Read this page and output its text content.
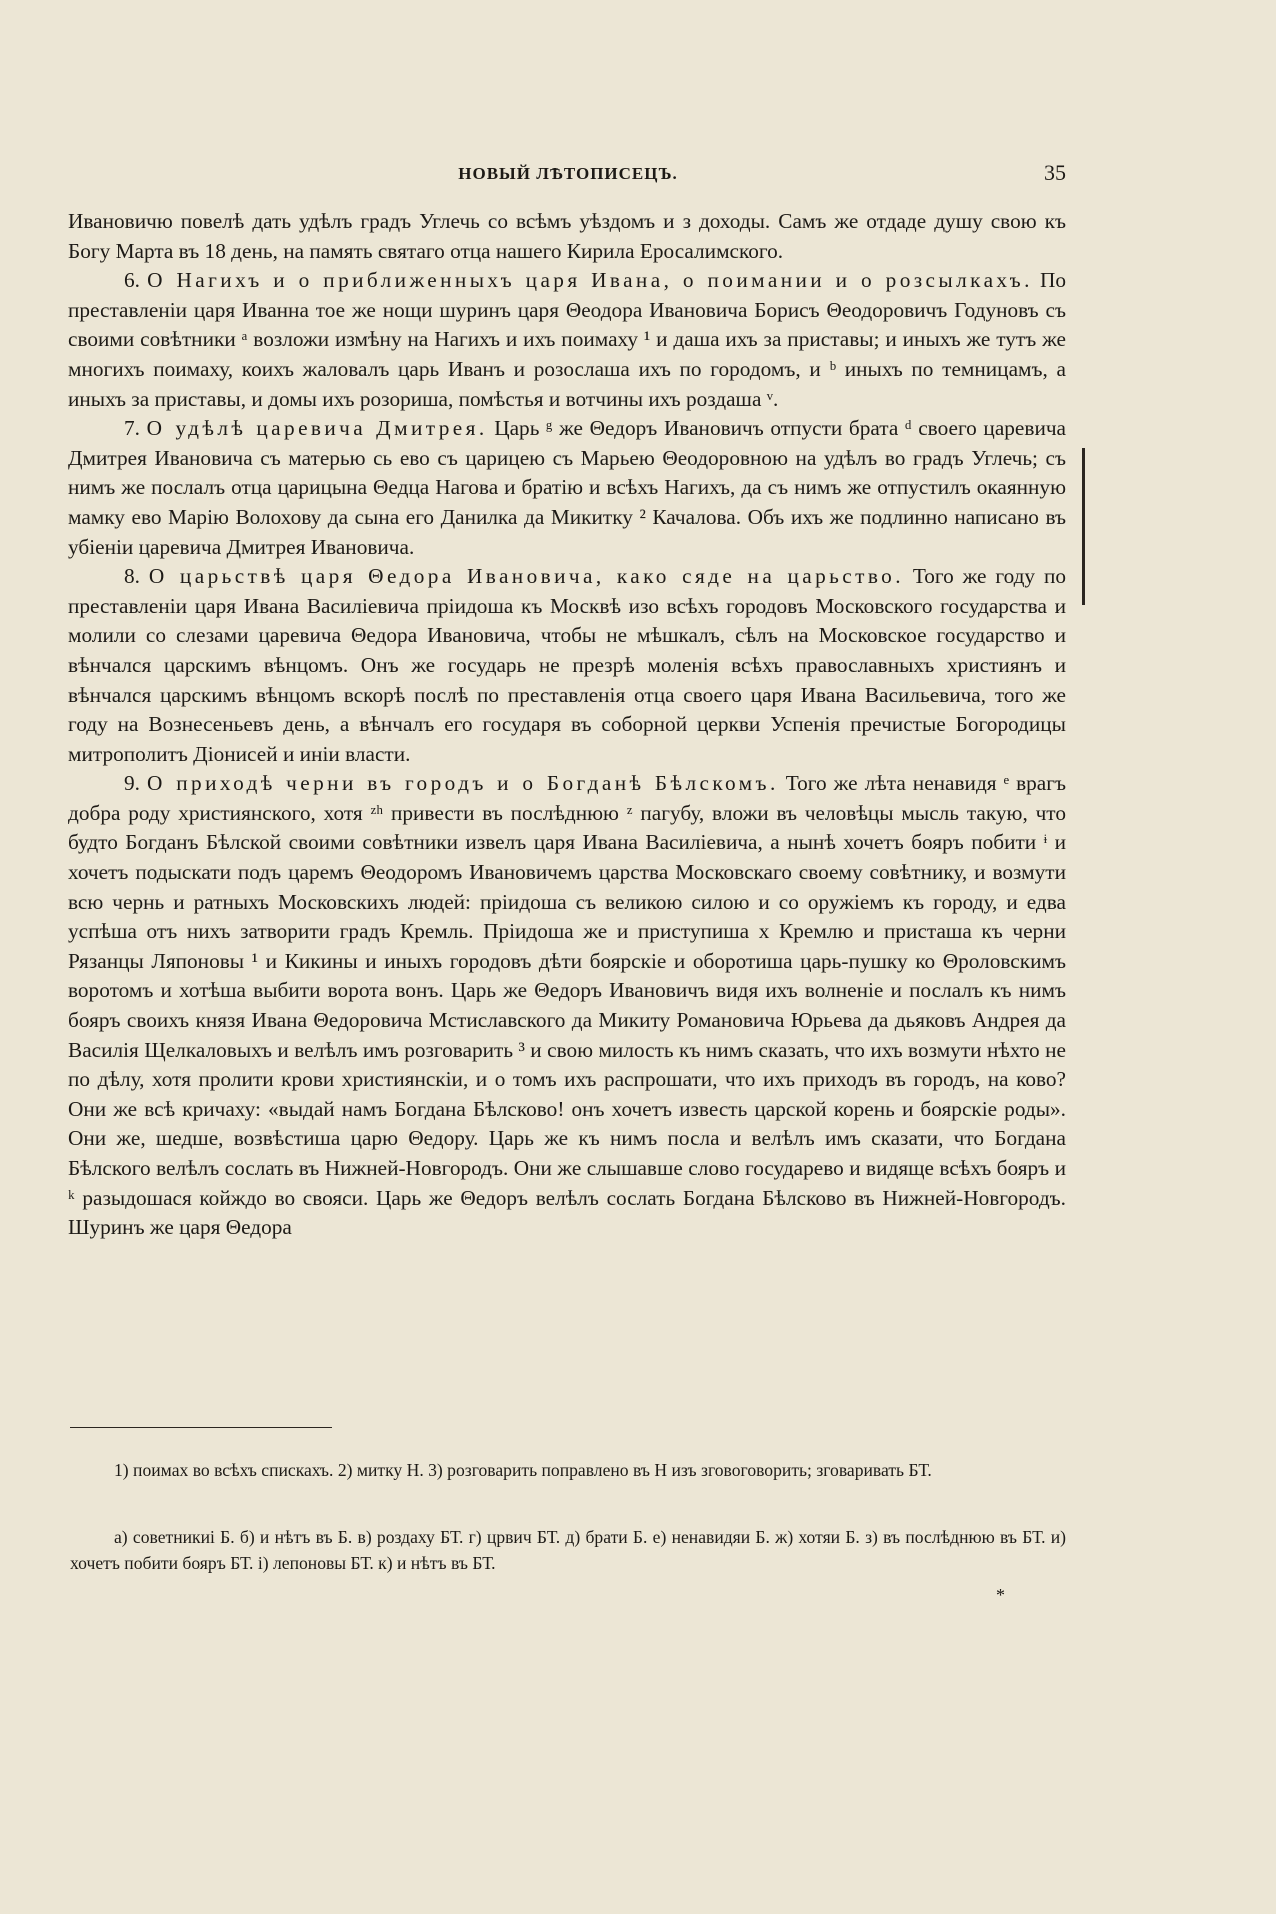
НОВЫЙ ЛѢТОПИСЕЦЪ.	35

Ивановичю повелѣ дать удѣлъ градъ Углечь со всѣмъ уѣздомъ и з доходы. Самъ же отдаде душу свою къ Богу Марта въ 18 день, на память святаго отца нашего Кирила Еросалимского.

6. О Нагихъ и о приближенныхъ царя Ивана, о поимании и о розсылкахъ. По преставленіи царя Иванна тое же нощи шуринъ царя Θеодора Ивановича Борисъ Θеодоровичъ Годуновъ съ своими совѣтники ᵃ возложи измѣну на Нагихъ и ихъ поимаху ¹ и даша ихъ за приставы; и иныхъ же тутъ же многихъ поимаху, коихъ жаловалъ царь Иванъ и розослаша ихъ по городомъ, и ᵇ иныхъ по темницамъ, а иныхъ за приставы, и домы ихъ розориша, помѣстья и вотчины ихъ роздаша ᵛ.

7. О удѣлѣ царевича Дмитрея. Царь ᵍ же Θедоръ Ивановичъ отпусти брата ᵈ своего царевича Дмитрея Ивановича съ матерью сь ево съ царицею съ Марьею Θеодоровною на удѣлъ во градъ Углечь; съ нимъ же послалъ отца царицына Θедца Нагова и братію и всѣхъ Нагихъ, да съ нимъ же отпустилъ окаянную мамку ево Марію Волохову да сына его Данилка да Микитку ² Качалова. Объ ихъ же подлинно написано въ убіеніи царевича Дмитрея Ивановича.

8. О царьствѣ царя Θедора Ивановича, како сяде на царьство. Того же году по преставленіи царя Ивана Василіевича пріидоша къ Москвѣ изо всѣхъ городовъ Московского государства и молили со слезами царевича Θедора Ивановича, чтобы не мѣшкалъ, сѣлъ на Московское государство и вѣнчался царскимъ вѣнцомъ. Онъ же государь не презрѣ моленія всѣхъ православныхъ християнъ и вѣнчался царскимъ вѣнцомъ вскорѣ послѣ по преставленія отца своего царя Ивана Васильевича, того же году на Вознесеньевъ день, а вѣнчалъ его государя въ соборной церкви Успенія пречистые Богородицы митрополитъ Діонисей и иніи власти.

9. О приходѣ черни въ городъ и о Богданѣ Бѣлскомъ. Того же лѣта ненавидя ᵉ врагъ добра роду християнского, хотя ᶻʰ привести въ послѣднюю ᶻ пагубу, вложи въ человѣцы мысль такую, что будто Богданъ Бѣлской своими совѣтники извелъ царя Ивана Василіевича, а нынѣ хочетъ бояръ побити ᶤ и хочетъ подыскати подъ царемъ Θеодоромъ Ивановичемъ царства Московскаго своему совѣтнику, и возмути всю чернь и ратныхъ Московскихъ людей: пріидоша съ великою силою и со оружіемъ къ городу, и едва успѣша отъ нихъ затворити градъ Кремль. Пріидоша же и приступиша х Кремлю и присташа къ черни Рязанцы Ляпоновы ¹ и Кикины и иныхъ городовъ дѣти боярскіе и оборотиша царь-пушку ко Θроловскимъ воротомъ и хотѣша выбити ворота вонъ. Царь же Θедоръ Ивановичъ видя ихъ волненіе и послалъ къ нимъ бояръ своихъ князя Ивана Θедоровича Мстиславского да Микиту Романовича Юрьева да дьяковъ Андрея да Василія Щелкаловыхъ и велѣлъ имъ розговарить ³ и свою милость къ нимъ сказать, что ихъ возмути нѣхто не по дѣлу, хотя пролити крови християнскіи, и о томъ ихъ распрошати, что ихъ приходъ въ городъ, на ково? Они же всѣ кричаху: «выдай намъ Богдана Бѣлсково! онъ хочетъ известь царской корень и боярскіе роды». Они же, шедше, возвѣстиша царю Θедору. Царь же къ нимъ посла и велѣлъ имъ сказати, что Богдана Бѣлского велѣлъ сослать въ Нижней-Новгородъ. Они же слышавше слово государево и видяще всѣхъ бояръ и ᵏ разыдошася койждо во свояси. Царь же Θедоръ велѣлъ сослать Богдана Бѣлсково въ Нижней-Новгородъ. Шуринъ же царя Θедора

1) поимах во всѣхъ спискахъ. 2) митку Н. 3) розговарить поправлено въ Н изъ зговоговорить; зговаривать БТ.

а) советникиі Б. б) и нѣтъ въ Б. в) роздаху БТ. г) црвич БТ. д) брати Б. е) ненавидяи Б. ж) хотяи Б. з) въ послѣднюю въ БТ. и) хочетъ побити бояръ БТ. і) лепоновы БТ. к) и нѣтъ въ БТ.

*
